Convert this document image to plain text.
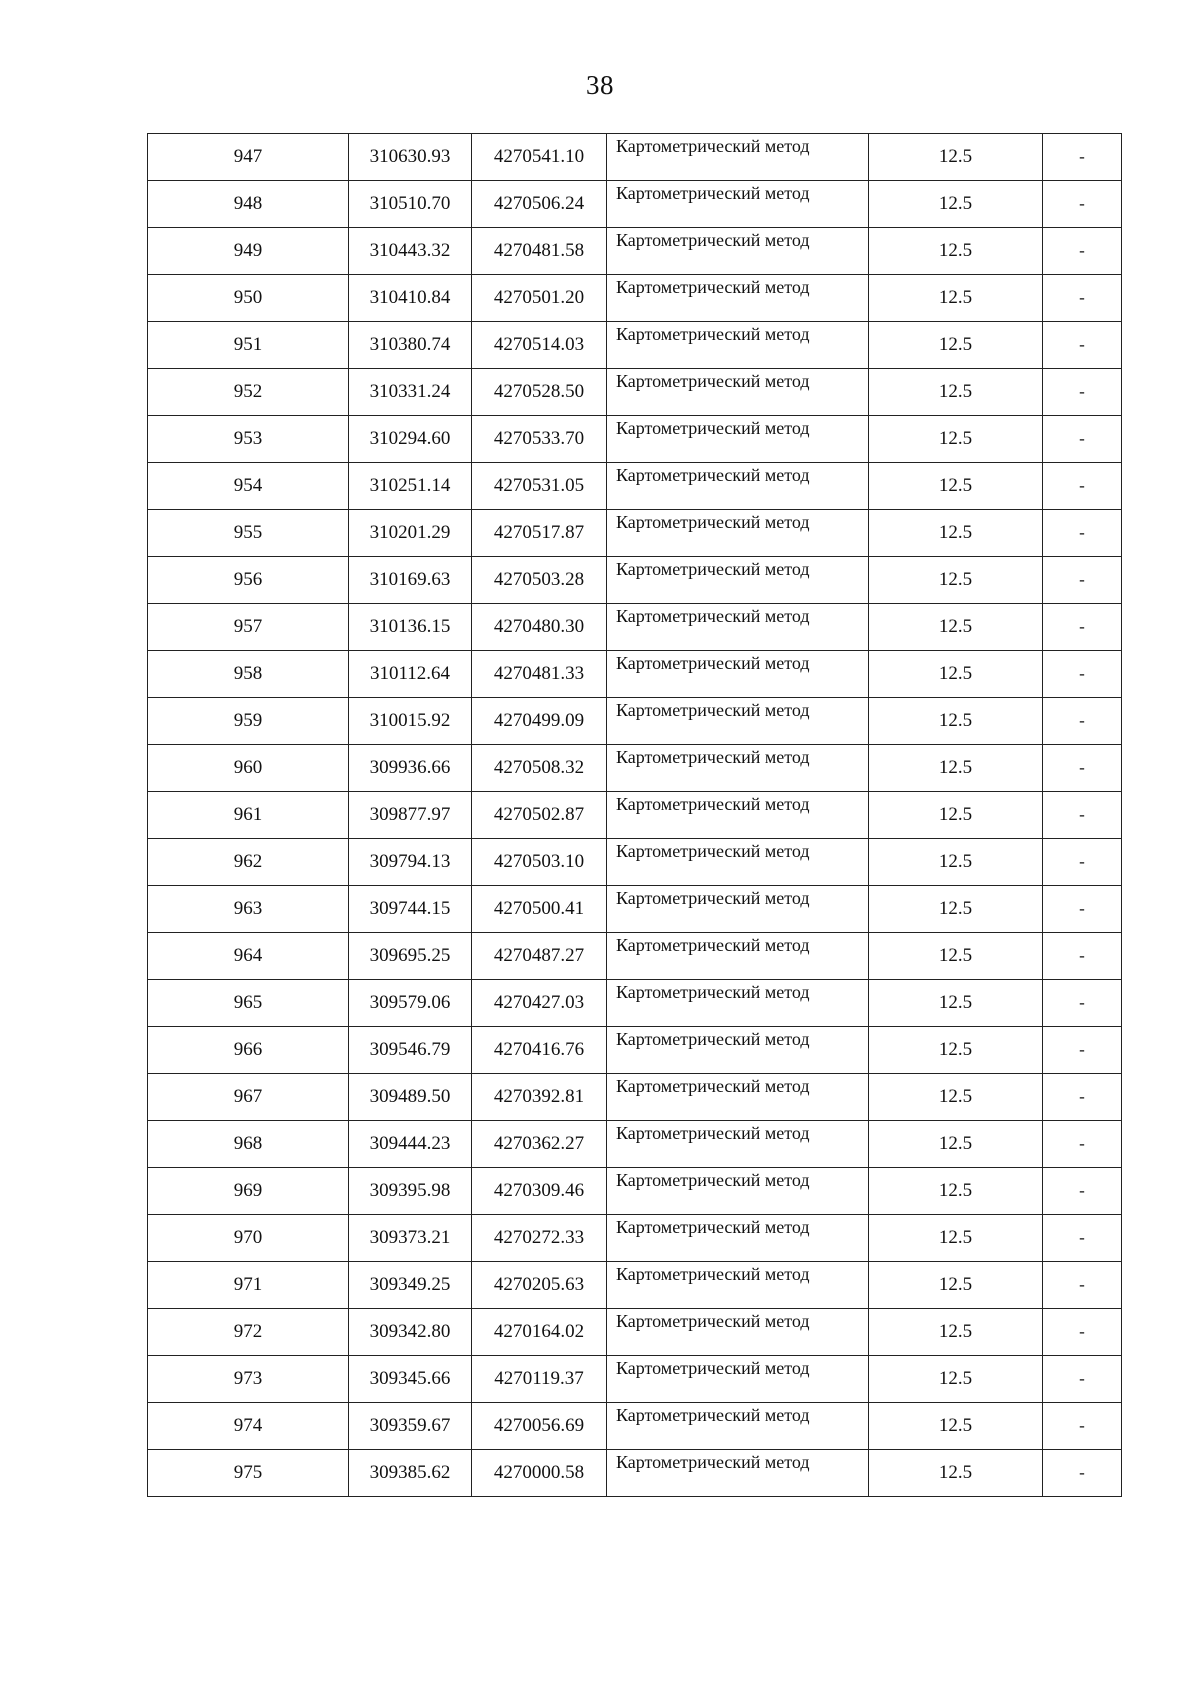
38
947	310630.93	4270541.10	Картометрический метод	12.5	-
948	310510.70	4270506.24	Картометрический метод	12.5	-
949	310443.32	4270481.58	Картометрический метод	12.5	-
950	310410.84	4270501.20	Картометрический метод	12.5	-
951	310380.74	4270514.03	Картометрический метод	12.5	-
952	310331.24	4270528.50	Картометрический метод	12.5	-
953	310294.60	4270533.70	Картометрический метод	12.5	-
954	310251.14	4270531.05	Картометрический метод	12.5	-
955	310201.29	4270517.87	Картометрический метод	12.5	-
956	310169.63	4270503.28	Картометрический метод	12.5	-
957	310136.15	4270480.30	Картометрический метод	12.5	-
958	310112.64	4270481.33	Картометрический метод	12.5	-
959	310015.92	4270499.09	Картометрический метод	12.5	-
960	309936.66	4270508.32	Картометрический метод	12.5	-
961	309877.97	4270502.87	Картометрический метод	12.5	-
962	309794.13	4270503.10	Картометрический метод	12.5	-
963	309744.15	4270500.41	Картометрический метод	12.5	-
964	309695.25	4270487.27	Картометрический метод	12.5	-
965	309579.06	4270427.03	Картометрический метод	12.5	-
966	309546.79	4270416.76	Картометрический метод	12.5	-
967	309489.50	4270392.81	Картометрический метод	12.5	-
968	309444.23	4270362.27	Картометрический метод	12.5	-
969	309395.98	4270309.46	Картометрический метод	12.5	-
970	309373.21	4270272.33	Картометрический метод	12.5	-
971	309349.25	4270205.63	Картометрический метод	12.5	-
972	309342.80	4270164.02	Картометрический метод	12.5	-
973	309345.66	4270119.37	Картометрический метод	12.5	-
974	309359.67	4270056.69	Картометрический метод	12.5	-
975	309385.62	4270000.58	Картометрический метод	12.5	-
